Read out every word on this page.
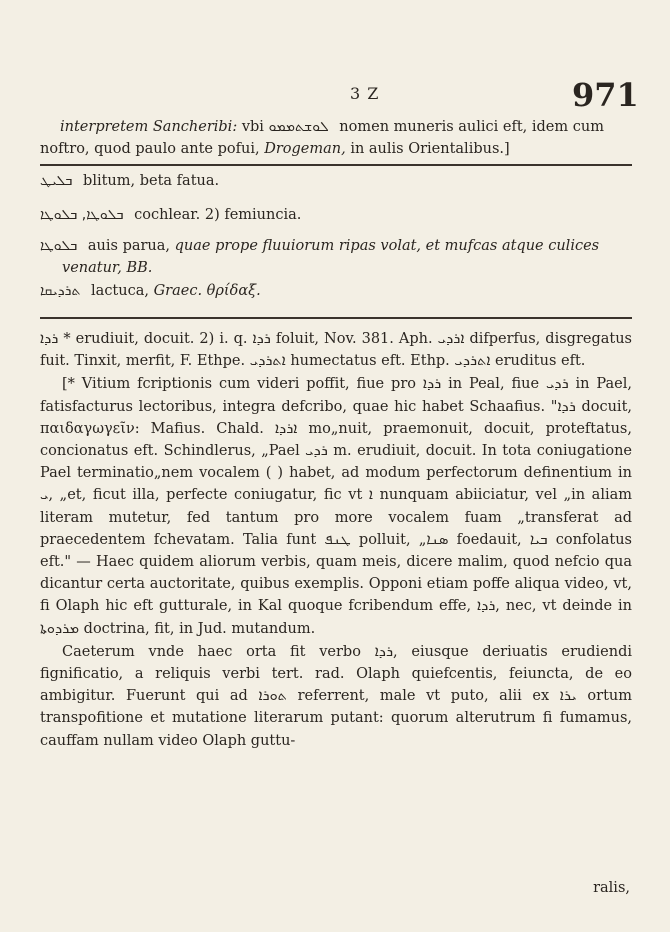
3 Z	971

interpretem Sancheribi: vbi ܠܘܫܬܡܡܘ nomen muneris aulici eft, idem cum noftro, quod paulo ante pofui, Drogeman, in aulis Orientalibus.]

ܒܠܝܛ blitum, beta fatua.
ܒܠܘܛܐ, ܒܠܘܛܐ cochlear. 2) femiuncia.
ܒܠܘܛܐ auis parua, quae prope fluuiorum ripas volat, et mufcas atque culices
venatur, BB.
ܬܪܕܝܩܐ lactuca, Graec. θρίδαξ.

ܪܕܐ * erudiuit, docuit. 2) i. q. ܪܕܐ foluit, Nov. 381. Aph. ܐܪܕܝ difperfus, disgregatus fuit. Tinxit, merfit, F. Ethpe. ܐܬܪܕܝ humectatus eft. Ethp. ܐܬܪܕܝ eruditus eft.

[* Vitium fcriptionis cum videri poffit, fiue pro ܪܕܐ in Peal, fiue ܪܕܝ in Pael, fatisfacturus lectoribus, integra defcribo, quae hic habet Schaafius. "ܪܕܐ docuit, παιδαγωγεῖν: Mafius. Chald. ܐܪܕܐ mo„nuit, praemonuit, docuit, proteftatus, concionatus eft. Schindlerus, „Pael ܪܕܝ m. erudiuit, docuit. In tota coniugatione Pael terminatio„nem vocalem ( ) habet, ad modum perfectorum definentium in ܝ, „et, ficut illa, perfecte coniugatur, fic vt ܐ nunquam abiiciatur, vel „in aliam literam mutetur, fed tantum pro more vocalem fuam „transferat ad praecedentem fchevatam. Talia funt ܛܢܦ polluit, „ܣܢܐ foedauit, ܒܝܐ confolatus eft." — Haec quidem aliorum verbis, quam meis, dicere malim, quod nefcio qua dicantur certa auctoritate, quibus exemplis. Opponi etiam poffe aliqua video, vt, fi Olaph hic eft gutturale, in Kal quoque fcribendum effe, ܪܕܐ, nec, vt deinde in ܡܪܕܘܬܐ doctrina, fit, in Jud. mutandum.

Caeterum vnde haec orta fit verbo ܪܕܐ, eiusque deriuatis erudiendi fignificatio, a reliquis verbi tert. rad. Olaph quiefcentis, feiuncta, de eo ambigitur. Fuerunt qui ad ܬܘܪܐ referrent, male vt puto, alii ex ܝܪܐ ortum transpofitione et mutatione literarum putant: quorum alterutrum fi fumamus, cauffam nullam video Olaph guttu-

ralis,
